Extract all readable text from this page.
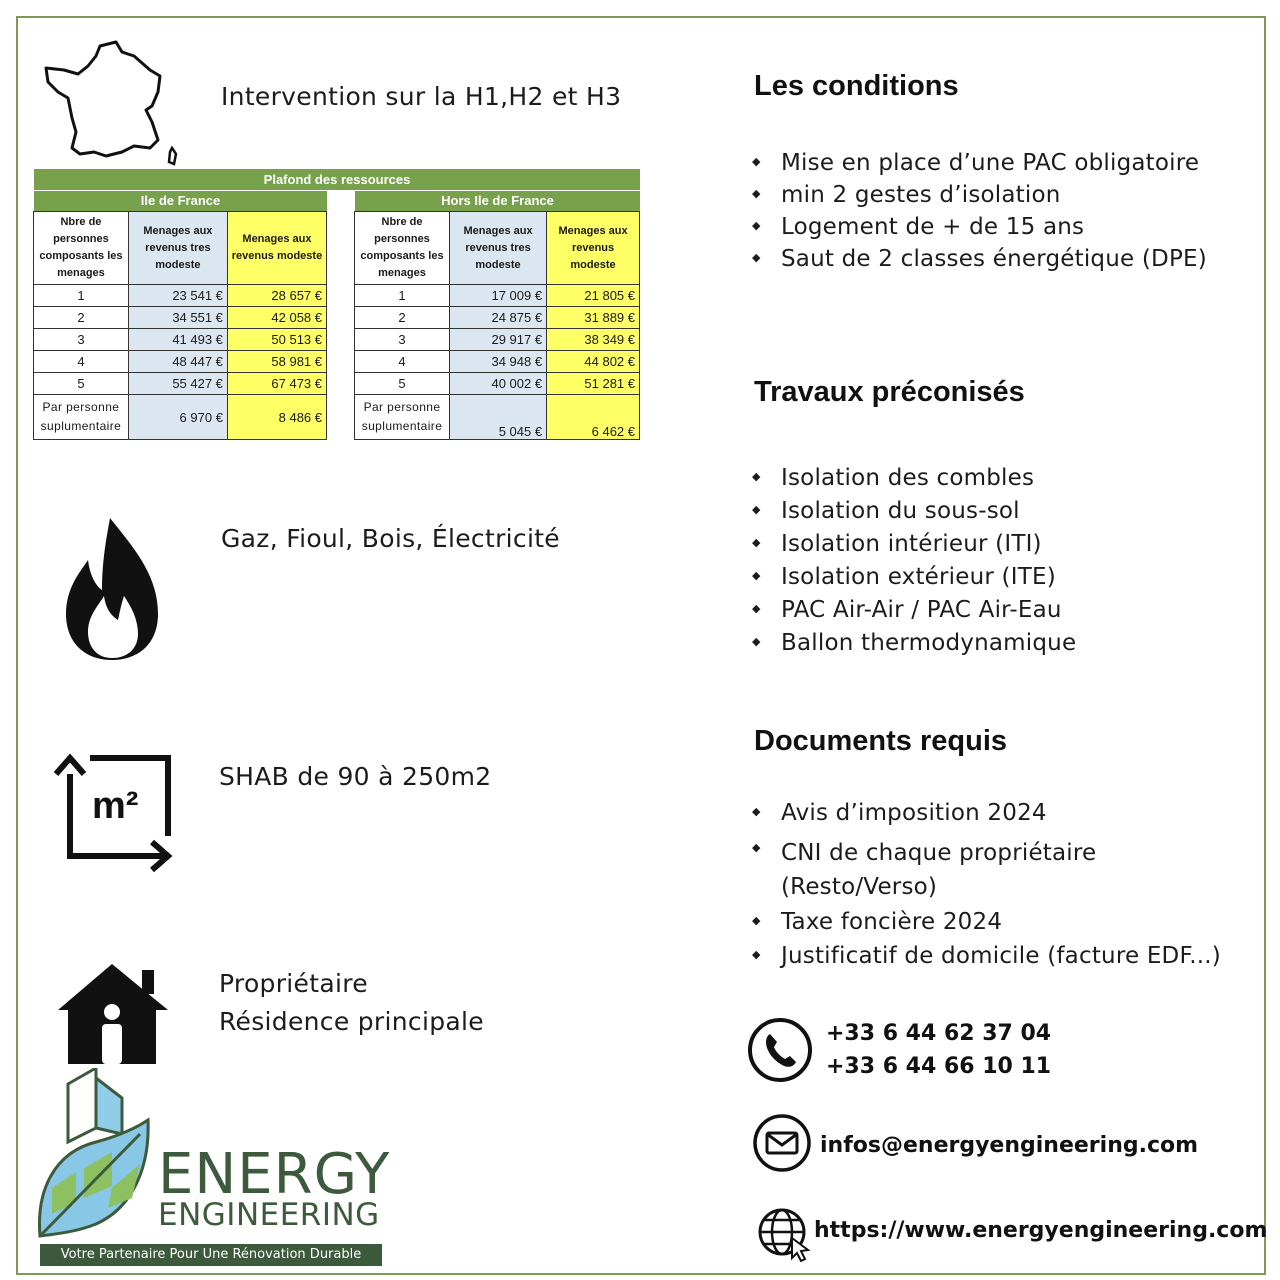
Intervention sur la H1,H2 et H3
Plafond des ressources
Ile de France	Hors Ile de France
Nbre de personnes composants les menages	Menages aux revenus tres modeste	Menages aux revenus modeste
1	23 541 €	28 657 €
2	34 551 €	42 058 €
3	41 493 €	50 513 €
4	48 447 €	58 981 €
5	55 427 €	67 473 €
Par personne suplumentaire	6 970 €	8 486 €
Nbre de personnes composants les menages	Menages aux revenus tres modeste	Menages aux revenus modeste
1	17 009 €	21 805 €
2	24 875 €	31 889 €
3	29 917 €	38 349 €
4	34 948 €	44 802 €
5	40 002 €	51 281 €
Par personne suplumentaire	5 045 €	6 462 €
Gaz, Fioul, Bois, Électricité
m²
SHAB de 90 à 250m2
Propriétaire
Résidence principale
ENERGY
ENGINEERING
Votre Partenaire Pour Une Rénovation Durable
Les conditions
◆ Mise en place d’une PAC obligatoire
◆ min 2 gestes d’isolation
◆ Logement de + de 15 ans
◆ Saut de 2 classes énergétique (DPE)
Travaux préconisés
◆ Isolation des combles
◆ Isolation du sous-sol
◆ Isolation intérieur (ITI)
◆ Isolation extérieur (ITE)
◆ PAC Air-Air / PAC Air-Eau
◆ Ballon thermodynamique
Documents requis
◆ Avis d’imposition 2024
◆ CNI de chaque propriétaire (Resto/Verso)
◆ Taxe foncière 2024
◆ Justificatif de domicile (facture EDF...)
+33 6 44 62 37 04
+33 6 44 66 10 11
infos@energyengineering.com
https://www.energyengineering.com
